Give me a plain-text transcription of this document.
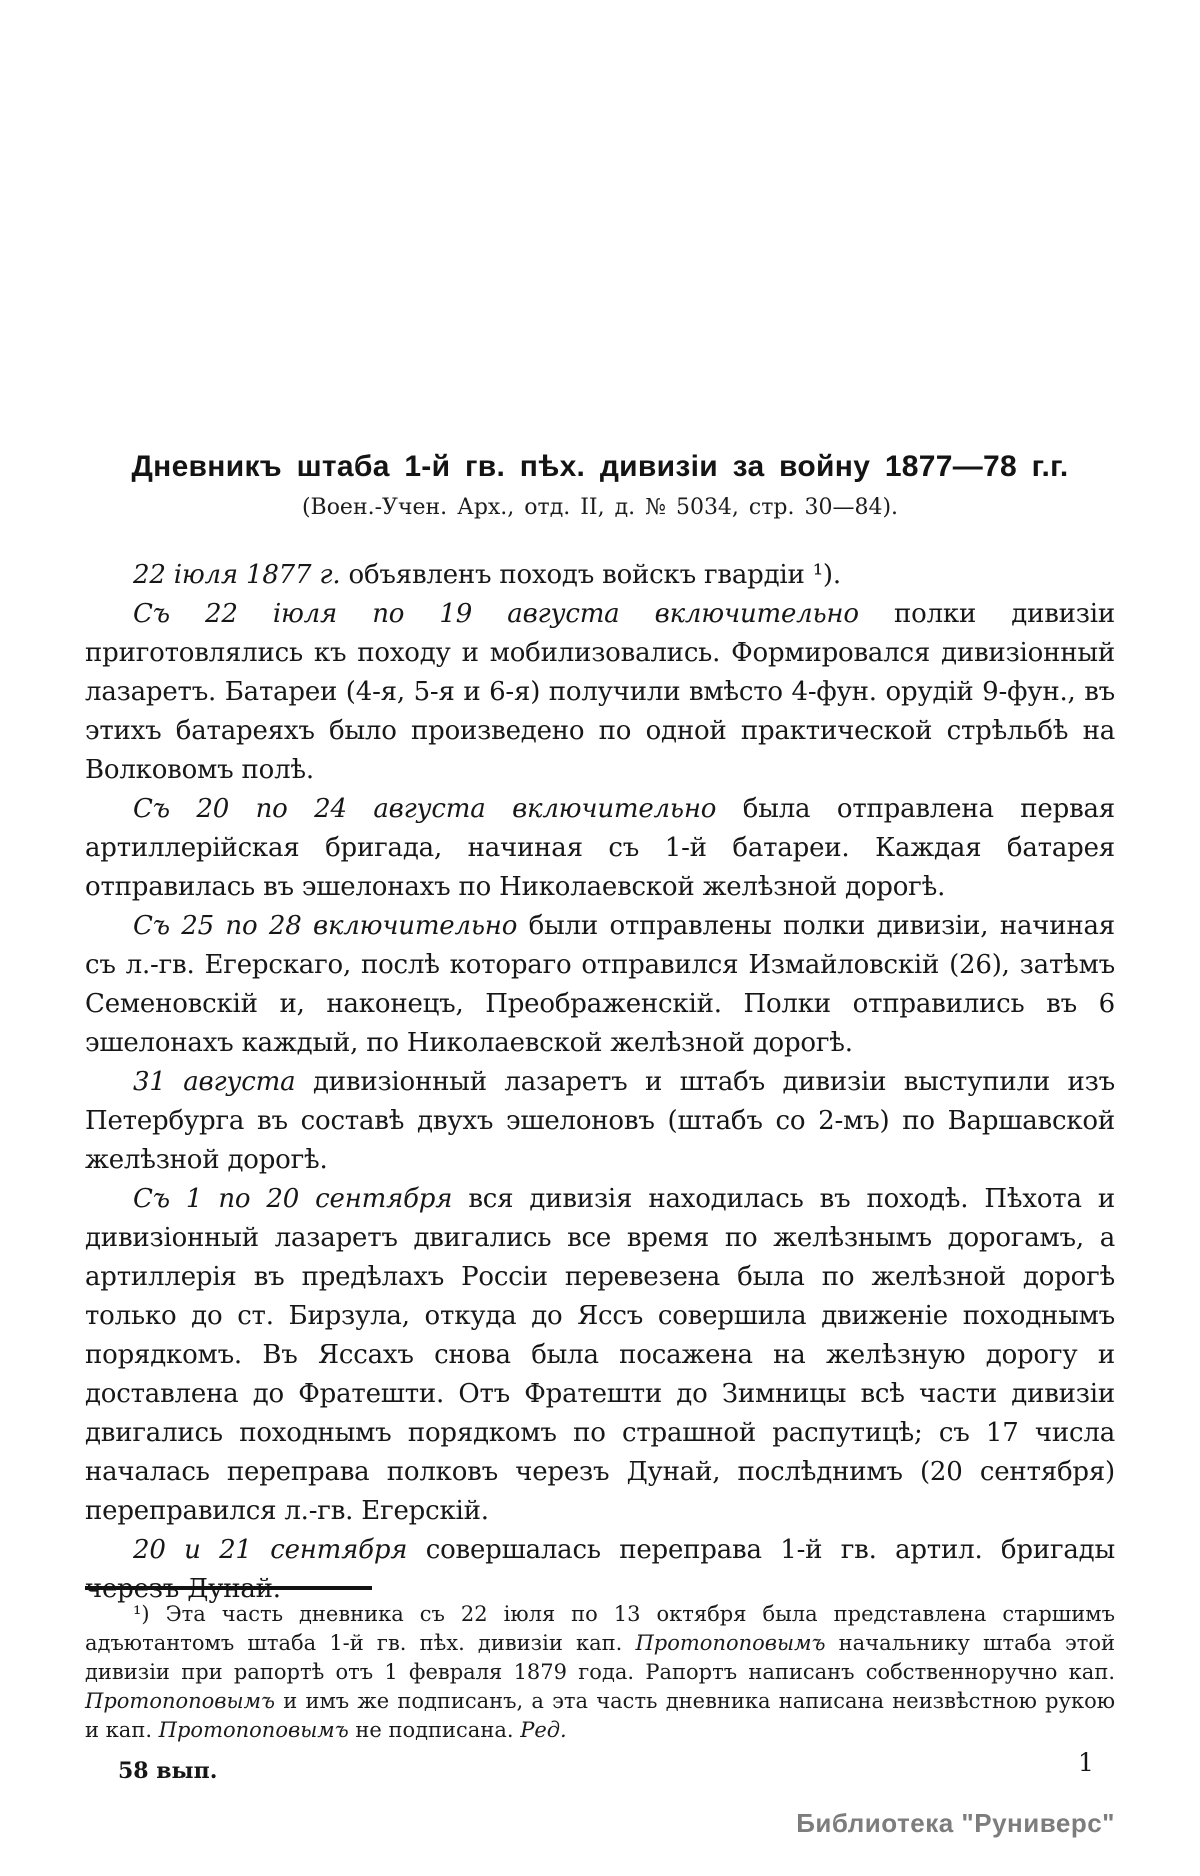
Дневникъ штаба 1-й гв. пѣх. дивизіи за войну 1877—78 г.г.
(Воен.-Учен. Арх., отд. II, д. № 5034, стр. 30—84).

22 іюля 1877 г. объявленъ походъ войскъ гвардіи ¹).

Съ 22 іюля по 19 августа включительно полки дивизіи приготовлялись къ походу и мобилизовались. Формировался дивизіонный лазаретъ. Батареи (4-я, 5-я и 6-я) получили вмѣсто 4-фун. орудій 9-фун., въ этихъ батареяхъ было произведено по одной практической стрѣльбѣ на Волковомъ полѣ.

Съ 20 по 24 августа включительно была отправлена первая артиллерійская бригада, начиная съ 1-й батареи. Каждая батарея отправилась въ эшелонахъ по Николаевской желѣзной дорогѣ.

Съ 25 по 28 включительно были отправлены полки дивизіи, начиная съ л.-гв. Егерскаго, послѣ котораго отправился Измайловскій (26), затѣмъ Семеновскій и, наконецъ, Преображенскій. Полки отправились въ 6 эшелонахъ каждый, по Николаевской желѣзной дорогѣ.

31 августа дивизіонный лазаретъ и штабъ дивизіи выступили изъ Петербурга въ составѣ двухъ эшелоновъ (штабъ со 2-мъ) по Варшавской желѣзной дорогѣ.

Съ 1 по 20 сентября вся дивизія находилась въ походѣ. Пѣхота и дивизіонный лазаретъ двигались все время по желѣзнымъ дорогамъ, а артиллерія въ предѣлахъ Россіи перевезена была по желѣзной дорогѣ только до ст. Бирзула, откуда до Яссъ совершила движеніе походнымъ порядкомъ. Въ Яссахъ снова была посажена на желѣзную дорогу и доставлена до Фратешти. Отъ Фратешти до Зимницы всѣ части дивизіи двигались походнымъ порядкомъ по страшной распутицѣ; съ 17 числа началась переправа полковъ черезъ Дунай, послѣднимъ (20 сентября) переправился л.-гв. Егерскій.

20 и 21 сентября совершалась переправа 1-й гв. артил. бригады черезъ Дунай.

¹) Эта часть дневника съ 22 іюля по 13 октября была представлена старшимъ адъютантомъ штаба 1-й гв. пѣх. дивизіи кап. Протопоповымъ начальнику штаба этой дивизіи при рапортѣ отъ 1 февраля 1879 года. Рапортъ написанъ собственноручно кап. Протопоповымъ и имъ же подписанъ, а эта часть дневника написана неизвѣстною рукою и кап. Протопоповымъ не подписана. Ред.

58 вып.	1
Библиотека "Руниверс"
